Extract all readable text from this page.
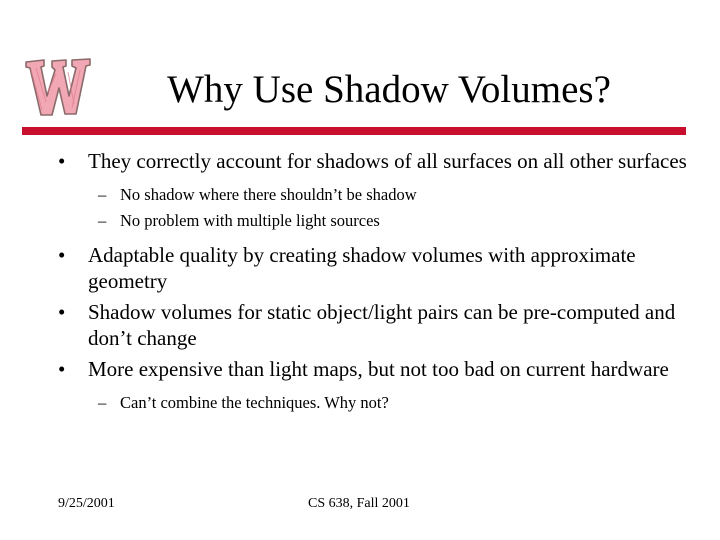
Why Use Shadow Volumes?
• They correctly account for shadows of all surfaces on all other surfaces
– No shadow where there shouldn’t be shadow
– No problem with multiple light sources
• Adaptable quality by creating shadow volumes with approximate geometry
• Shadow volumes for static object/light pairs can be pre-computed and don’t change
• More expensive than light maps, but not too bad on current hardware
– Can’t combine the techniques. Why not?
9/25/2001	CS 638, Fall 2001
